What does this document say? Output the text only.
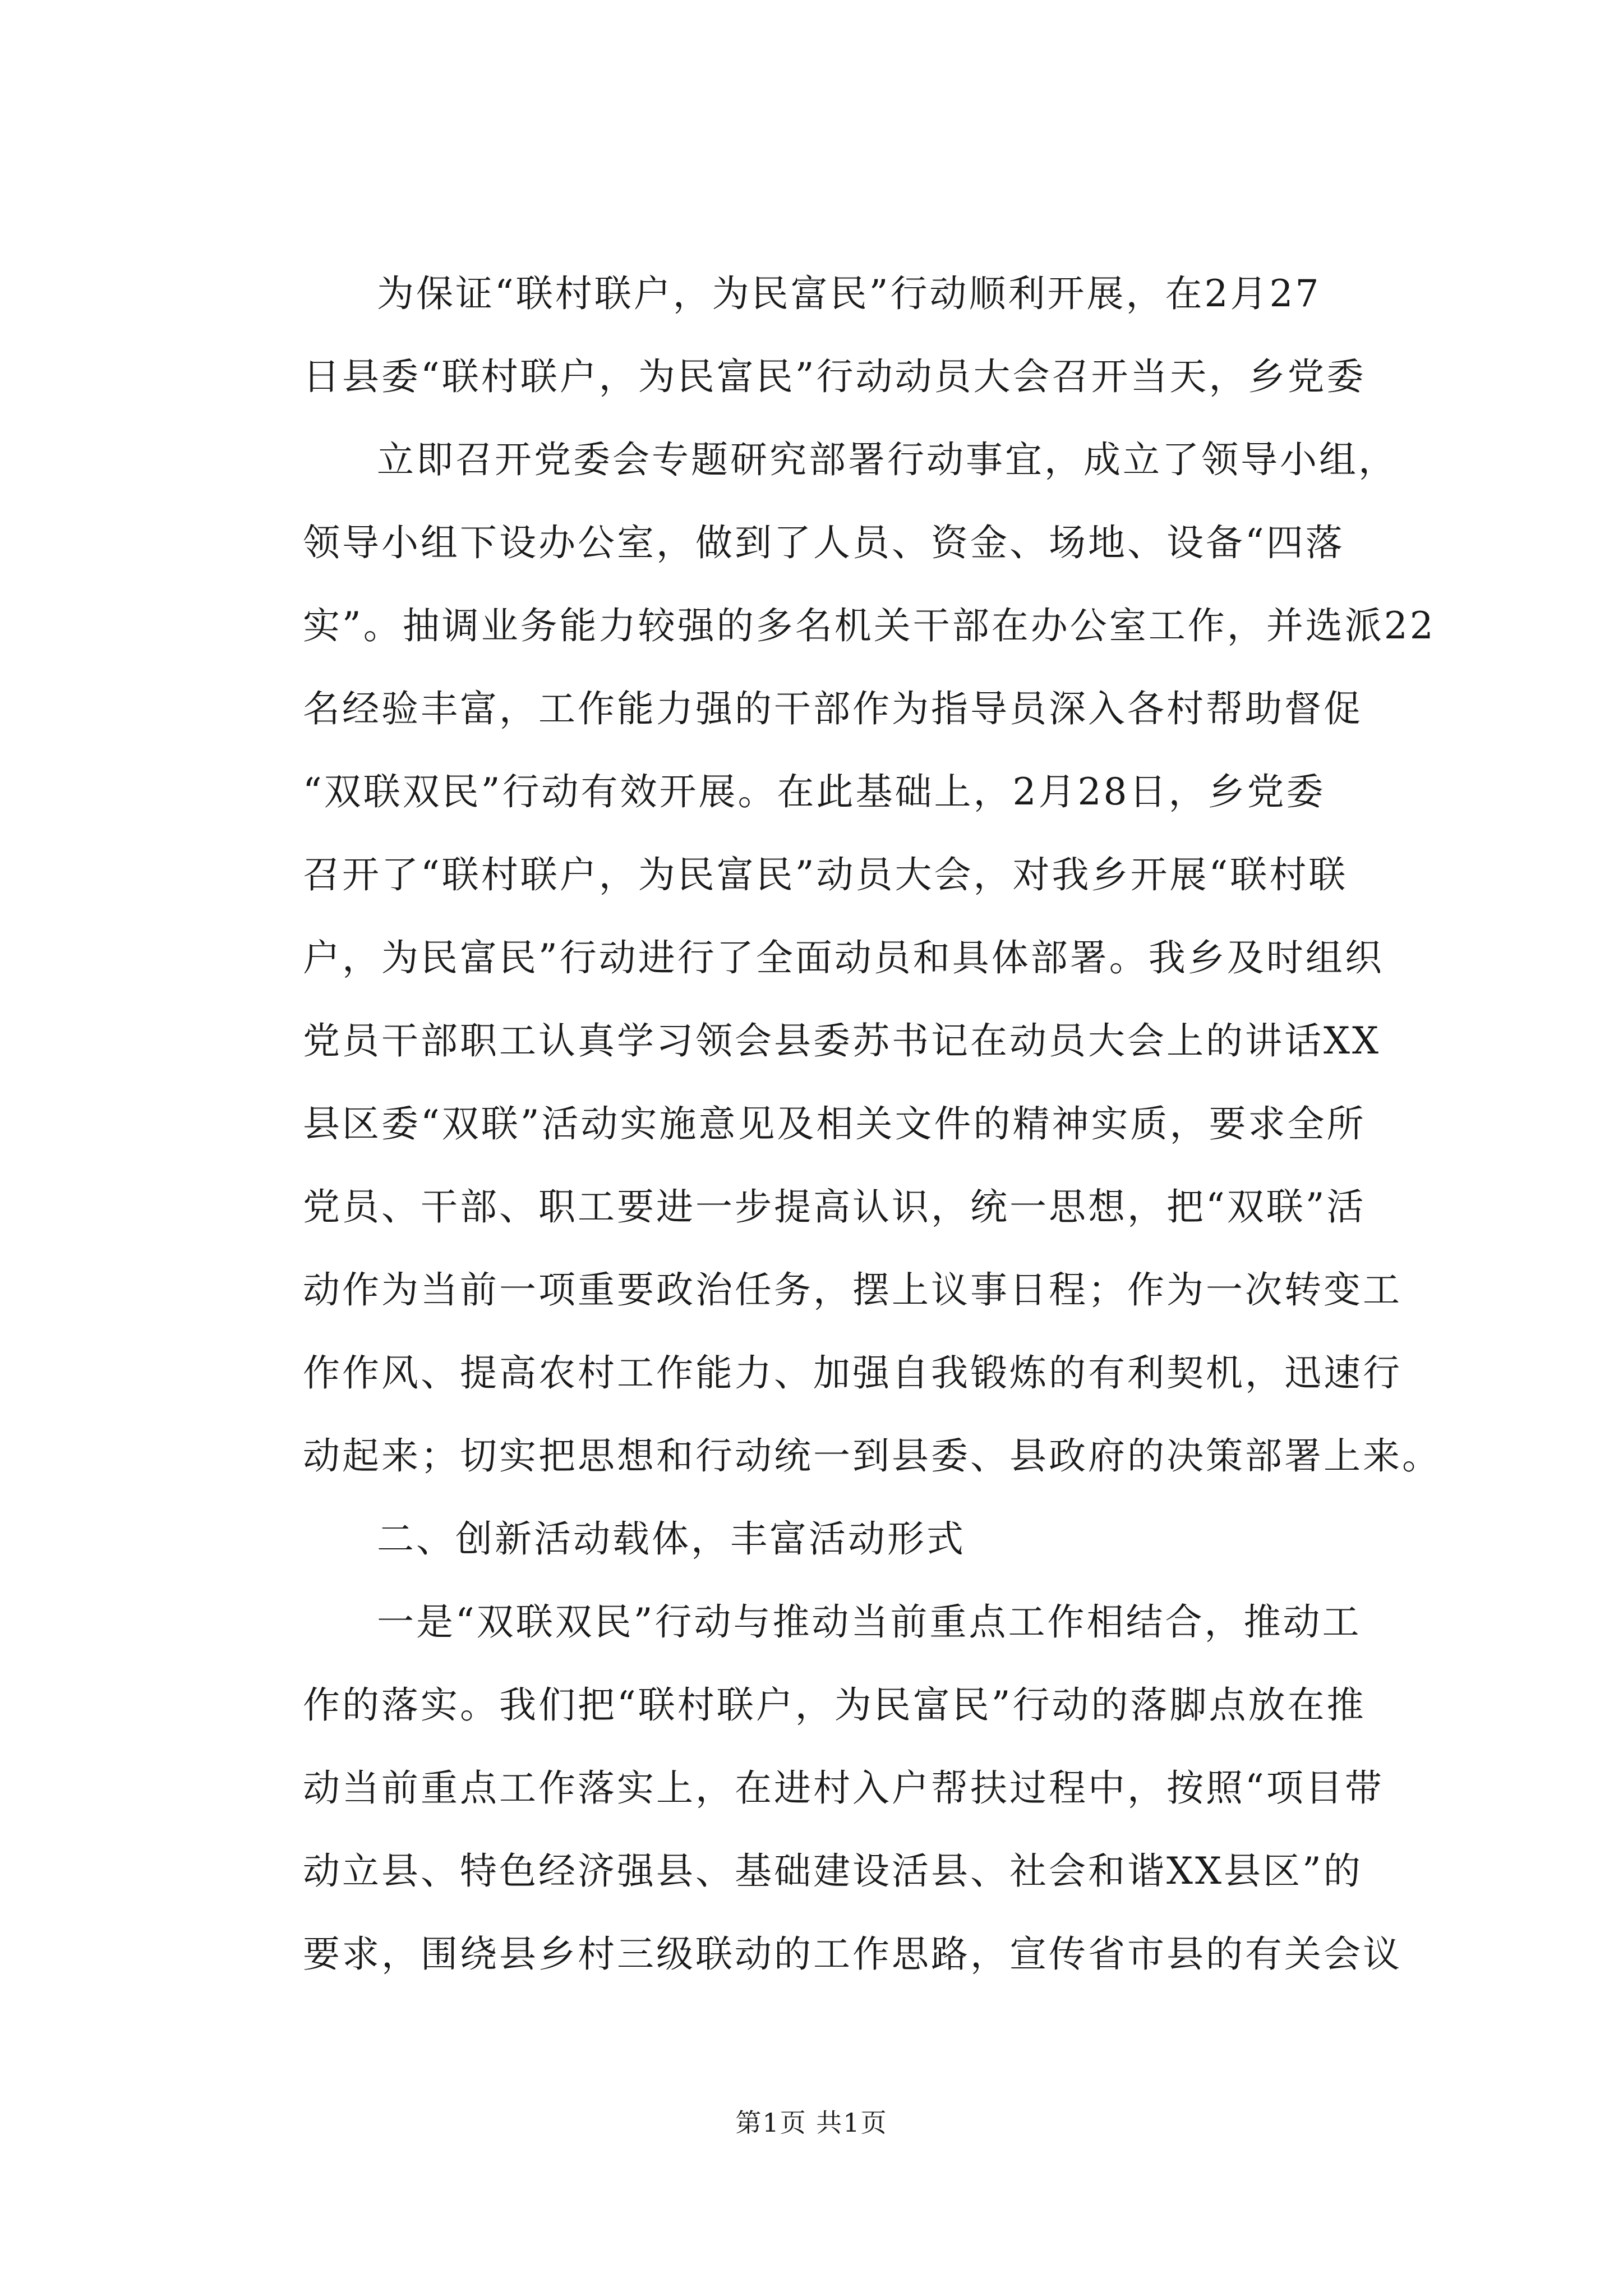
为保证“联村联户，为民富民”行动顺利开展，在2月27
日县委“联村联户，为民富民”行动动员大会召开当天，乡党委
立即召开党委会专题研究部署行动事宜，成立了领导小组，
领导小组下设办公室，做到了人员、资金、场地、设备“四落
实”。抽调业务能力较强的多名机关干部在办公室工作，并选派22
名经验丰富，工作能力强的干部作为指导员深入各村帮助督促
“双联双民”行动有效开展。在此基础上，2月28日，乡党委
召开了“联村联户，为民富民”动员大会，对我乡开展“联村联
户，为民富民”行动进行了全面动员和具体部署。我乡及时组织
党员干部职工认真学习领会县委苏书记在动员大会上的讲话XX
县区委“双联”活动实施意见及相关文件的精神实质，要求全所
党员、干部、职工要进一步提高认识，统一思想，把“双联”活
动作为当前一项重要政治任务，摆上议事日程；作为一次转变工
作作风、提高农村工作能力、加强自我锻炼的有利契机，迅速行
动起来；切实把思想和行动统一到县委、县政府的决策部署上来。
二、创新活动载体，丰富活动形式
一是“双联双民”行动与推动当前重点工作相结合，推动工
作的落实。我们把“联村联户，为民富民”行动的落脚点放在推
动当前重点工作落实上，在进村入户帮扶过程中，按照“项目带
动立县、特色经济强县、基础建设活县、社会和谐XX县区”的
要求，围绕县乡村三级联动的工作思路，宣传省市县的有关会议
第1页 共1页
